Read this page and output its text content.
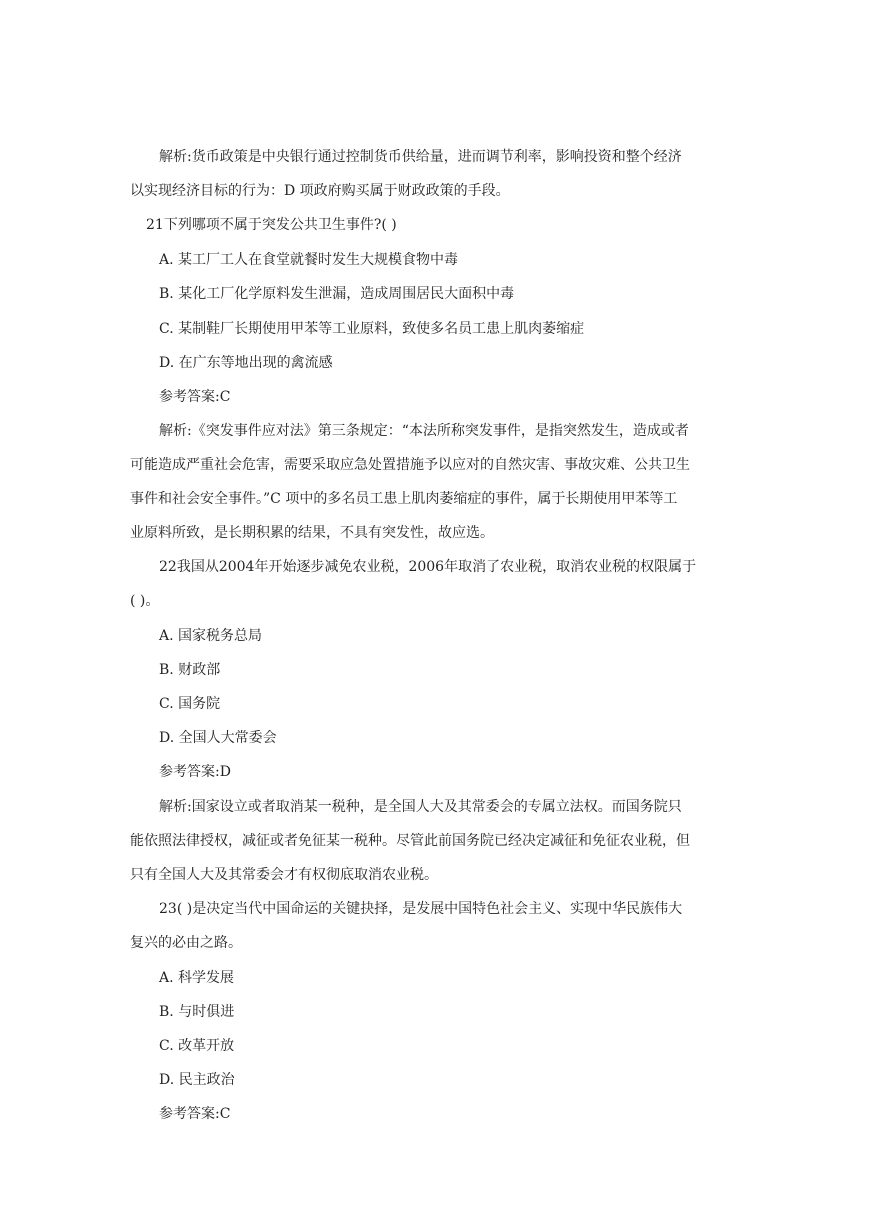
解析:货币政策是中央银行通过控制货币供给量，进而调节利率，影响投资和整个经济
以实现经济目标的行为：D 项政府购买属于财政政策的手段。
21下列哪项不属于突发公共卫生事件?( )
A. 某工厂工人在食堂就餐时发生大规模食物中毒
B. 某化工厂化学原料发生泄漏，造成周围居民大面积中毒
C. 某制鞋厂长期使用甲苯等工业原料，致使多名员工患上肌肉萎缩症
D. 在广东等地出现的禽流感
参考答案:C
解析:《突发事件应对法》第三条规定：“本法所称突发事件，是指突然发生，造成或者
可能造成严重社会危害，需要采取应急处置措施予以应对的自然灾害、事故灾难、公共卫生
事件和社会安全事件。”C 项中的多名员工患上肌肉萎缩症的事件，属于长期使用甲苯等工
业原料所致，是长期积累的结果，不具有突发性，故应选。
22我国从2004年开始逐步减免农业税，2006年取消了农业税，取消农业税的权限属于
( )。
A. 国家税务总局
B. 财政部
C. 国务院
D. 全国人大常委会
参考答案:D
解析:国家设立或者取消某一税种，是全国人大及其常委会的专属立法权。而国务院只
能依照法律授权，减征或者免征某一税种。尽管此前国务院已经决定减征和免征农业税，但
只有全国人大及其常委会才有权彻底取消农业税。
23( )是决定当代中国命运的关键抉择，是发展中国特色社会主义、实现中华民族伟大
复兴的必由之路。
A. 科学发展
B. 与时俱进
C. 改革开放
D. 民主政治
参考答案:C
